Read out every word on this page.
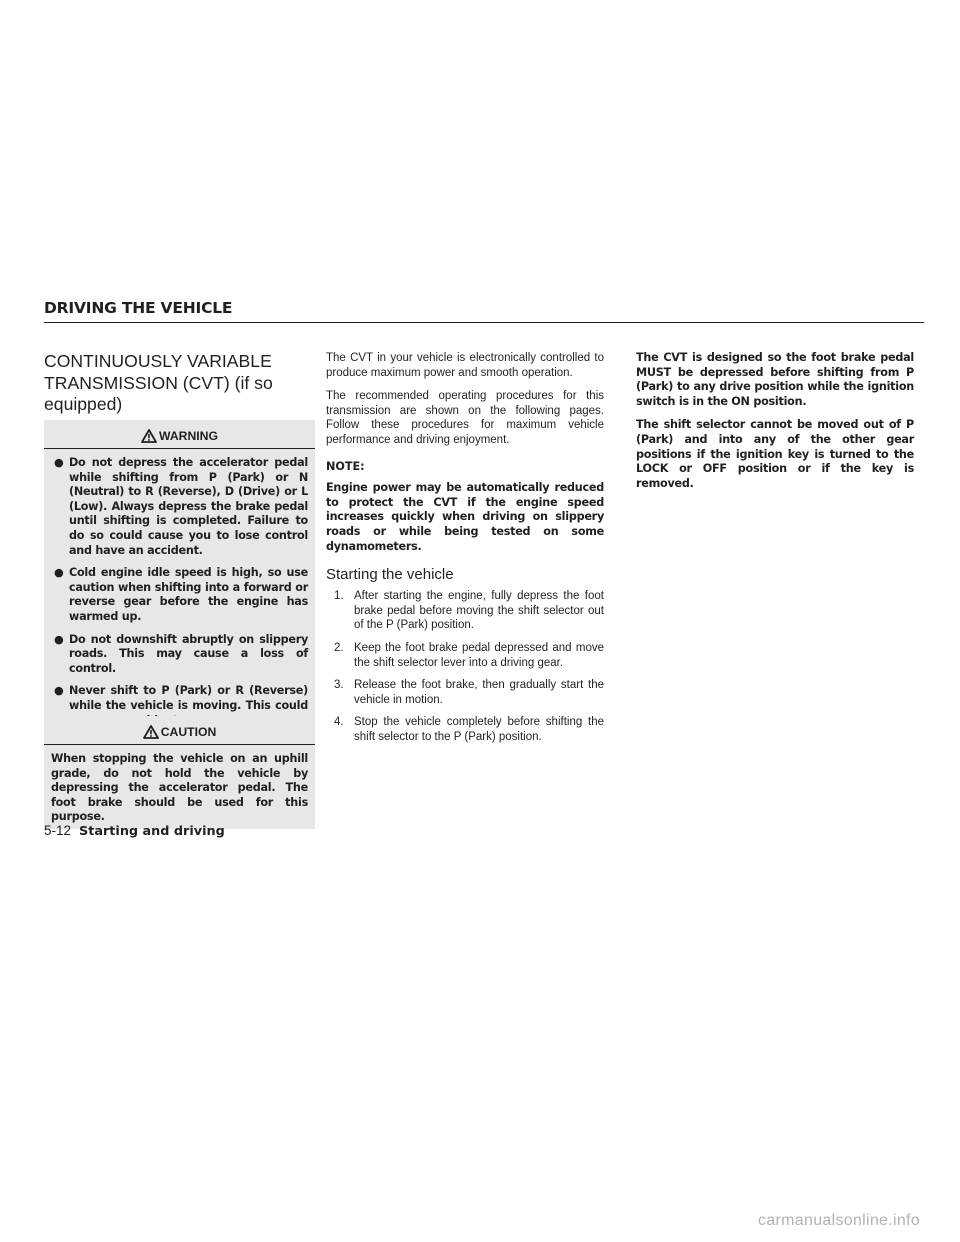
DRIVING THE VEHICLE
CONTINUOUSLY VARIABLE TRANSMISSION (CVT) (if so equipped)
WARNING
● Do not depress the accelerator pedal while shifting from P (Park) or N (Neutral) to R (Reverse), D (Drive) or L (Low). Always depress the brake pedal until shifting is completed. Failure to do so could cause you to lose control and have an accident.
● Cold engine idle speed is high, so use caution when shifting into a forward or reverse gear before the engine has warmed up.
● Do not downshift abruptly on slippery roads. This may cause a loss of control.
● Never shift to P (Park) or R (Reverse) while the vehicle is moving. This could
CAUTION
When stopping the vehicle on an uphill grade, do not hold the vehicle by depressing the accelerator pedal. The foot brake should be used for this purpose.

The CVT in your vehicle is electronically controlled to produce maximum power and smooth operation.

The recommended operating procedures for this transmission are shown on the following pages. Follow these procedures for maximum vehicle performance and driving enjoyment.

NOTE:

Engine power may be automatically reduced to protect the CVT if the engine speed increases quickly when driving on slippery roads or while being tested on some dynamometers.

Starting the vehicle
1. After starting the engine, fully depress the foot brake pedal before moving the shift selector out of the P (Park) position.
2. Keep the foot brake pedal depressed and move the shift selector lever into a driving gear.
3. Release the foot brake, then gradually start the vehicle in motion.
4. Stop the vehicle completely before shifting the shift selector to the P (Park) position.

The CVT is designed so the foot brake pedal MUST be depressed before shifting from P (Park) to any drive position while the ignition switch is in the ON position.

The shift selector cannot be moved out of P (Park) and into any of the other gear positions if the ignition key is turned to the LOCK or OFF position or if the key is removed.

5-12 Starting and driving
carmanualsonline.info
